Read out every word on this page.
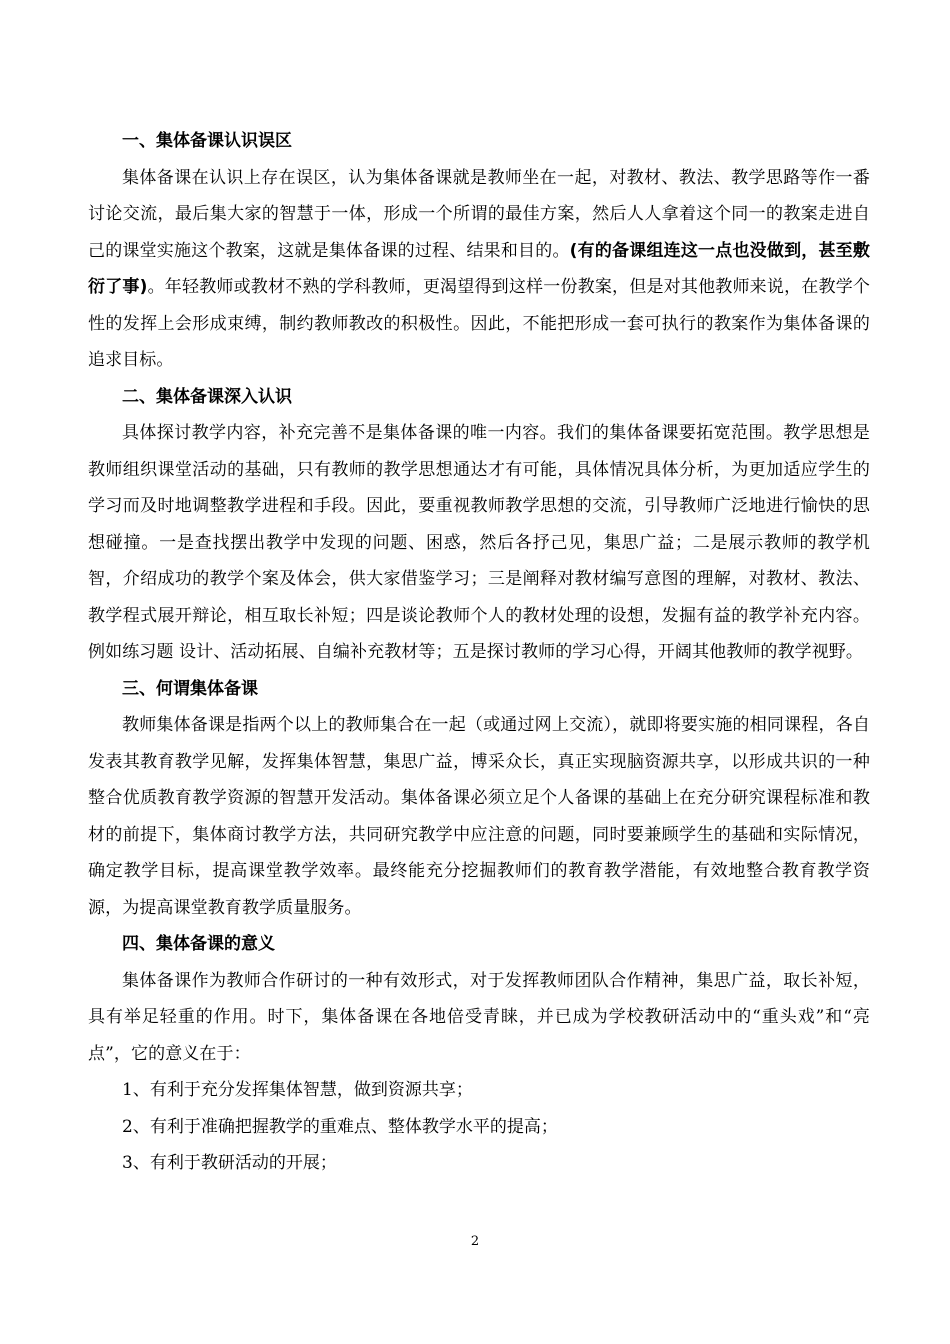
一、集体备课认识误区

集体备课在认识上存在误区，认为集体备课就是教师坐在一起，对教材、教法、教学思路等作一番讨论交流，最后集大家的智慧于一体，形成一个所谓的最佳方案，然后人人拿着这个同一的教案走进自己的课堂实施这个教案，这就是集体备课的过程、结果和目的。(有的备课组连这一点也没做到，甚至敷衍了事)。年轻教师或教材不熟的学科教师，更渴望得到这样一份教案，但是对其他教师来说，在教学个性的发挥上会形成束缚，制约教师教改的积极性。因此，不能把形成一套可执行的教案作为集体备课的追求目标。

二、集体备课深入认识

具体探讨教学内容，补充完善不是集体备课的唯一内容。我们的集体备课要拓宽范围。教学思想是教师组织课堂活动的基础，只有教师的教学思想通达才有可能，具体情况具体分析，为更加适应学生的学习而及时地调整教学进程和手段。因此，要重视教师教学思想的交流，引导教师广泛地进行愉快的思想碰撞。一是查找摆出教学中发现的问题、困惑，然后各抒己见，集思广益；二是展示教师的教学机智，介绍成功的教学个案及体会，供大家借鉴学习；三是阐释对教材编写意图的理解，对教材、教法、教学程式展开辩论，相互取长补短；四是谈论教师个人的教材处理的设想，发掘有益的教学补充内容。例如练习题 设计、活动拓展、自编补充教材等；五是探讨教师的学习心得，开阔其他教师的教学视野。

三、何谓集体备课

教师集体备课是指两个以上的教师集合在一起（或通过网上交流），就即将要实施的相同课程，各自发表其教育教学见解，发挥集体智慧，集思广益，博采众长，真正实现脑资源共享，以形成共识的一种整合优质教育教学资源的智慧开发活动。集体备课必须立足个人备课的基础上在充分研究课程标准和教材的前提下，集体商讨教学方法，共同研究教学中应注意的问题，同时要兼顾学生的基础和实际情况，确定教学目标，提高课堂教学效率。最终能充分挖掘教师们的教育教学潜能，有效地整合教育教学资源，为提高课堂教育教学质量服务。

四、集体备课的意义

集体备课作为教师合作研讨的一种有效形式，对于发挥教师团队合作精神，集思广益，取长补短，具有举足轻重的作用。时下，集体备课在各地倍受青睐，并已成为学校教研活动中的“重头戏”和“亮点”，它的意义在于：

1、有利于充分发挥集体智慧，做到资源共享；

2、有利于准确把握教学的重难点、整体教学水平的提高；

3、有利于教研活动的开展；

2
